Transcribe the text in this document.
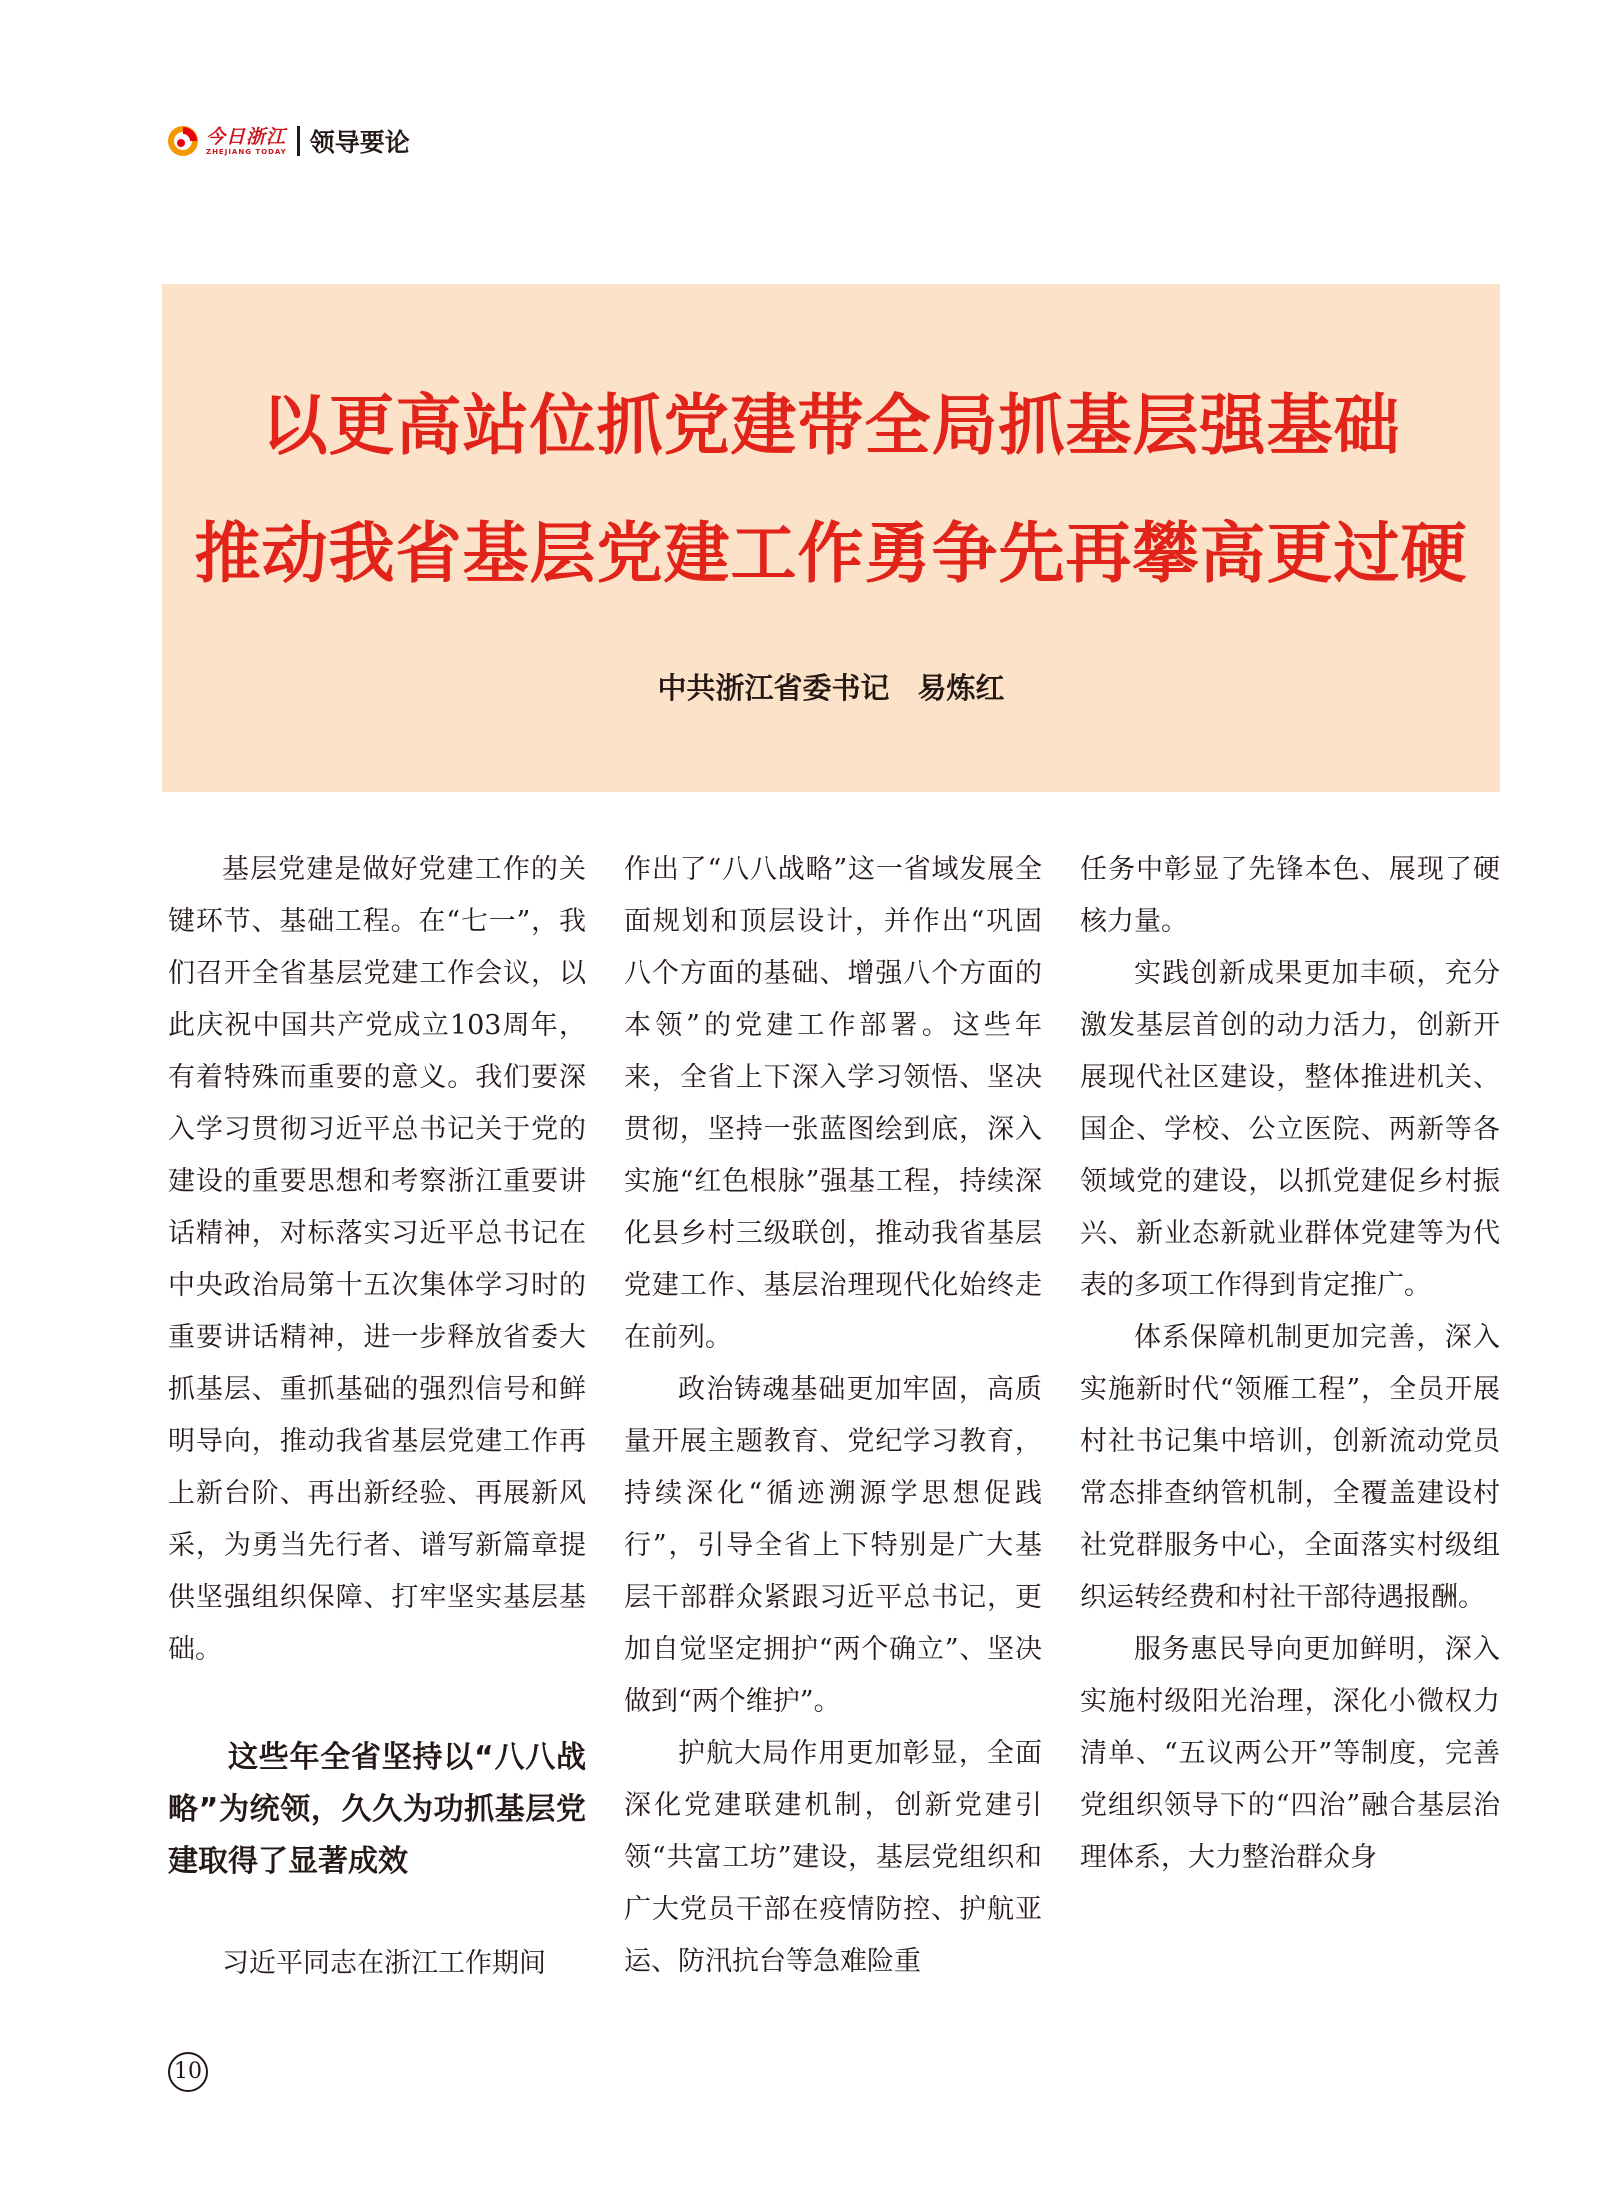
今日浙江
ZHEJIANG TODAY 领导要论
以更高站位抓党建带全局抓基层强基础
推动我省基层党建工作勇争先再攀高更过硬
中共浙江省委书记 易炼红

基层党建是做好党建工作的关键环节、基础工程。在“七一”，我们召开全省基层党建工作会议，以此庆祝中国共产党成立103周年，有着特殊而重要的意义。我们要深入学习贯彻习近平总书记关于党的建设的重要思想和考察浙江重要讲话精神，对标落实习近平总书记在中央政治局第十五次集体学习时的重要讲话精神，进一步释放省委大抓基层、重抓基础的强烈信号和鲜明导向，推动我省基层党建工作再上新台阶、再出新经验、再展新风采，为勇当先行者、谱写新篇章提供坚强组织保障、打牢坚实基层基础。

这些年全省坚持以“八八战略”为统领，久久为功抓基层党建取得了显著成效

习近平同志在浙江工作期间

作出了“八八战略”这一省域发展全面规划和顶层设计，并作出“巩固八个方面的基础、增强八个方面的本领”的党建工作部署。这些年来，全省上下深入学习领悟、坚决贯彻，坚持一张蓝图绘到底，深入实施“红色根脉”强基工程，持续深化县乡村三级联创，推动我省基层党建工作、基层治理现代化始终走在前列。

政治铸魂基础更加牢固，高质量开展主题教育、党纪学习教育，持续深化“循迹溯源学思想促践行”，引导全省上下特别是广大基层干部群众紧跟习近平总书记，更加自觉坚定拥护“两个确立”、坚决做到“两个维护”。

护航大局作用更加彰显，全面深化党建联建机制，创新党建引领“共富工坊”建设，基层党组织和广大党员干部在疫情防控、护航亚运、防汛抗台等急难险重

任务中彰显了先锋本色、展现了硬核力量。

实践创新成果更加丰硕，充分激发基层首创的动力活力，创新开展现代社区建设，整体推进机关、国企、学校、公立医院、两新等各领域党的建设，以抓党建促乡村振兴、新业态新就业群体党建等为代表的多项工作得到肯定推广。

体系保障机制更加完善，深入实施新时代“领雁工程”，全员开展村社书记集中培训，创新流动党员常态排查纳管机制，全覆盖建设村社党群服务中心，全面落实村级组织运转经费和村社干部待遇报酬。

服务惠民导向更加鲜明，深入实施村级阳光治理，深化小微权力清单、“五议两公开”等制度，完善党组织领导下的“四治”融合基层治理体系，大力整治群众身

10
